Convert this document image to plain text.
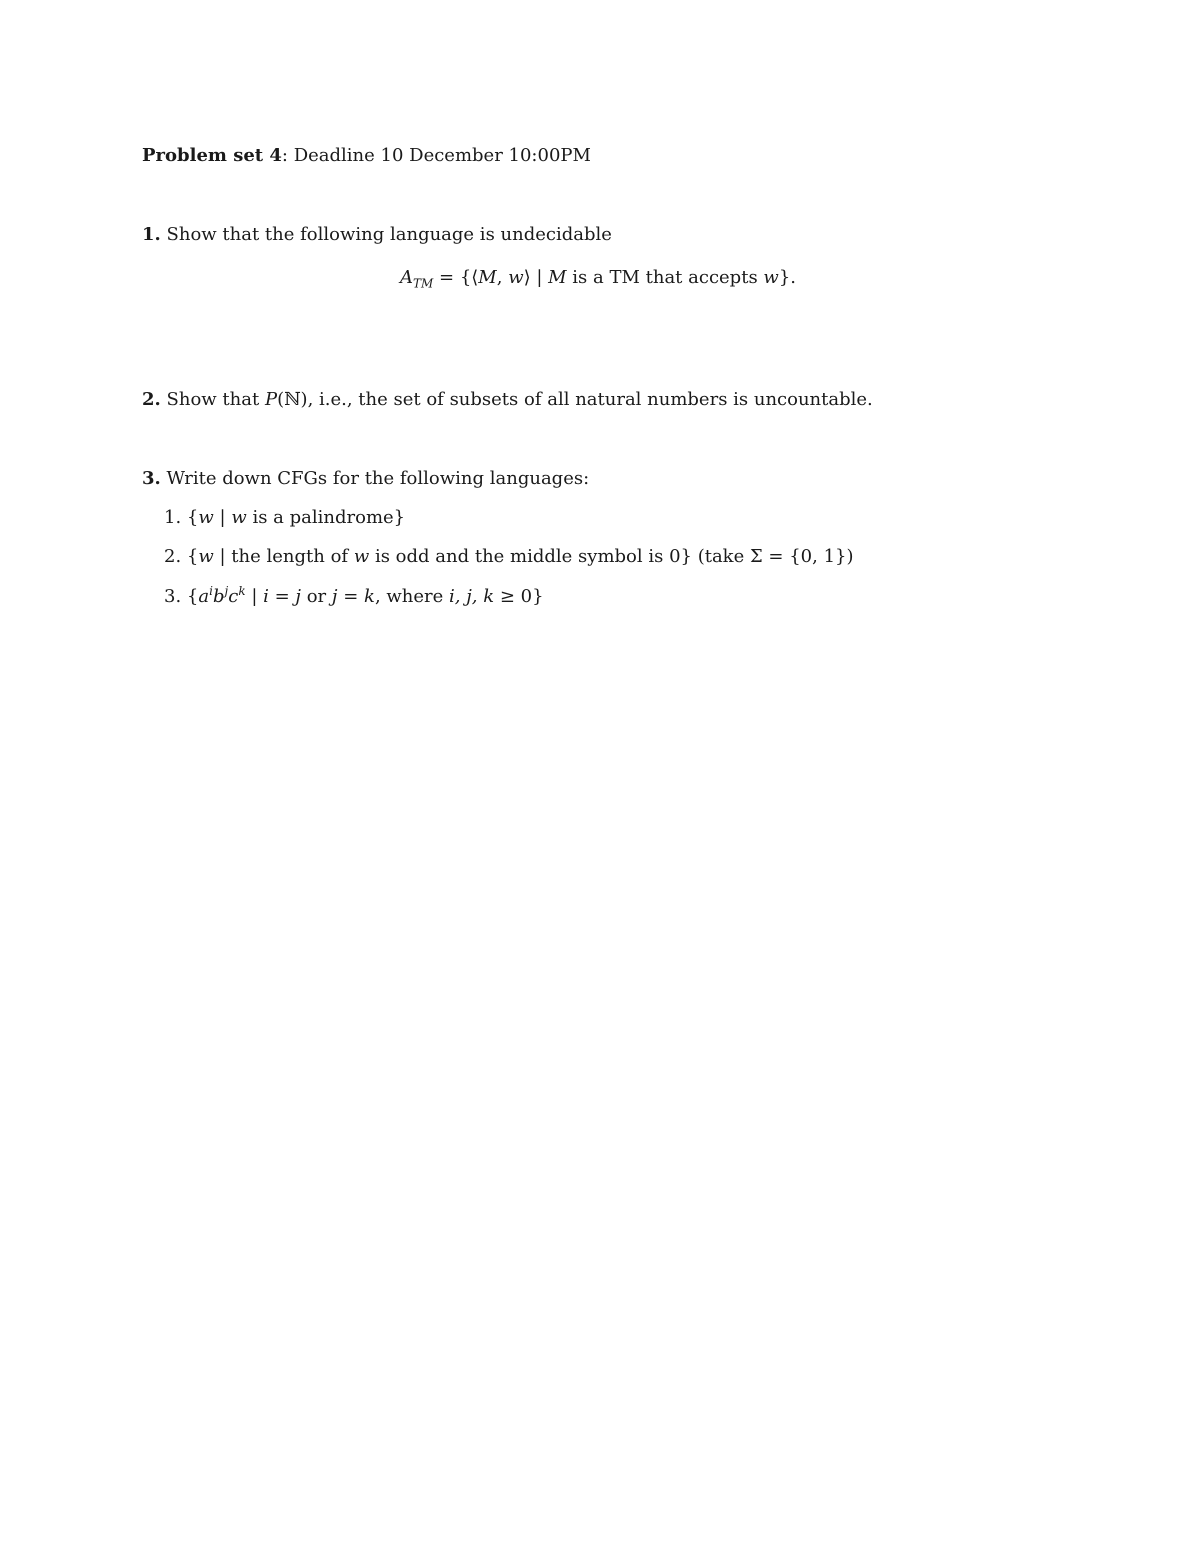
Problem set 4: Deadline 10 December 10:00PM
1. Show that the following language is undecidable
$A_{TM}$ = {⟨M, w⟩ | M is a TM that accepts w}.
2. Show that P(ℕ), i.e., the set of subsets of all natural numbers is uncountable.
3. Write down CFGs for the following languages:
1. {w | w is a palindrome}
2. {w | the length of w is odd and the middle symbol is 0} (take Σ = {0, 1})
3. {$a^ib^jc^k$ | i = j or j = k, where i, j, k ≥ 0}
